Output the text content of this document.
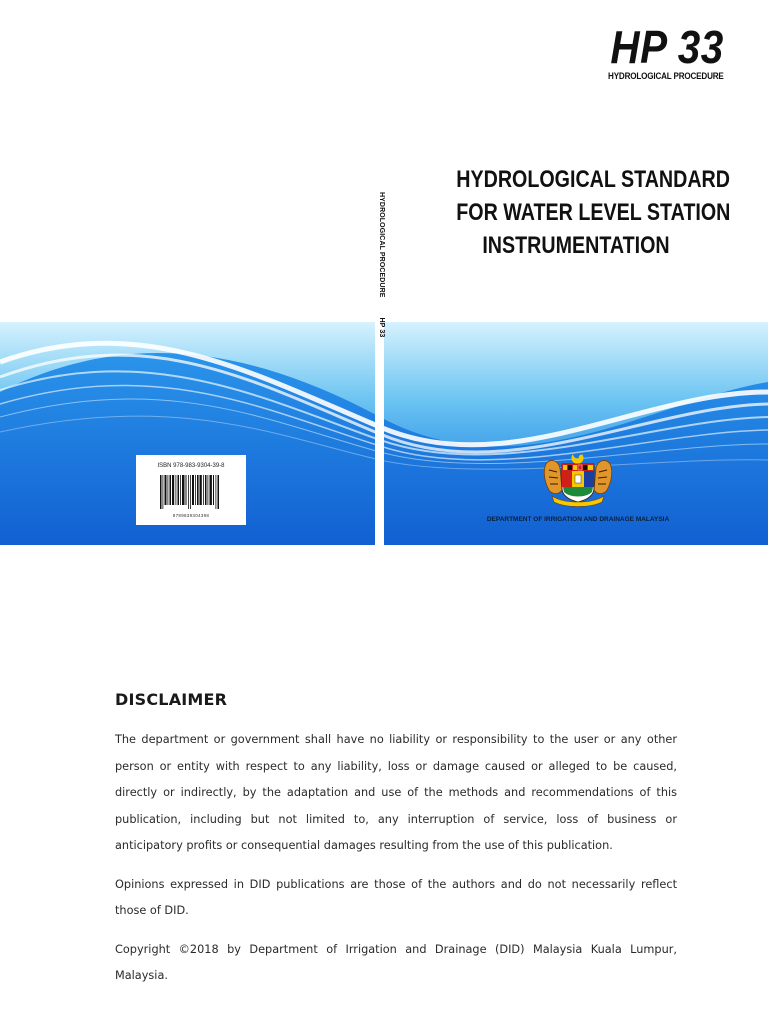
HP 33
HYDROLOGICAL PROCEDURE
HYDROLOGICAL STANDARD
FOR WATER LEVEL STATION
INSTRUMENTATION
HYDROLOGICAL PROCEDUREHP 33
ISBN 978-983-9304-39-8
9789839304398
DEPARTMENT OF IRRIGATION AND DRAINAGE MALAYSIA
DISCLAIMER

The department or government shall have no liability or responsibility to the user or any other person or entity with respect to any liability, loss or damage caused or alleged to be caused, directly or indirectly, by the adaptation and use of the methods and recommendations of this publication, including but not limited to, any interruption of service, loss of business or anticipatory profits or consequential damages resulting from the use of this publication.

Opinions expressed in DID publications are those of the authors and do not necessarily reflect those of DID.

Copyright ©2018 by Department of Irrigation and Drainage (DID) Malaysia Kuala Lumpur, Malaysia.
